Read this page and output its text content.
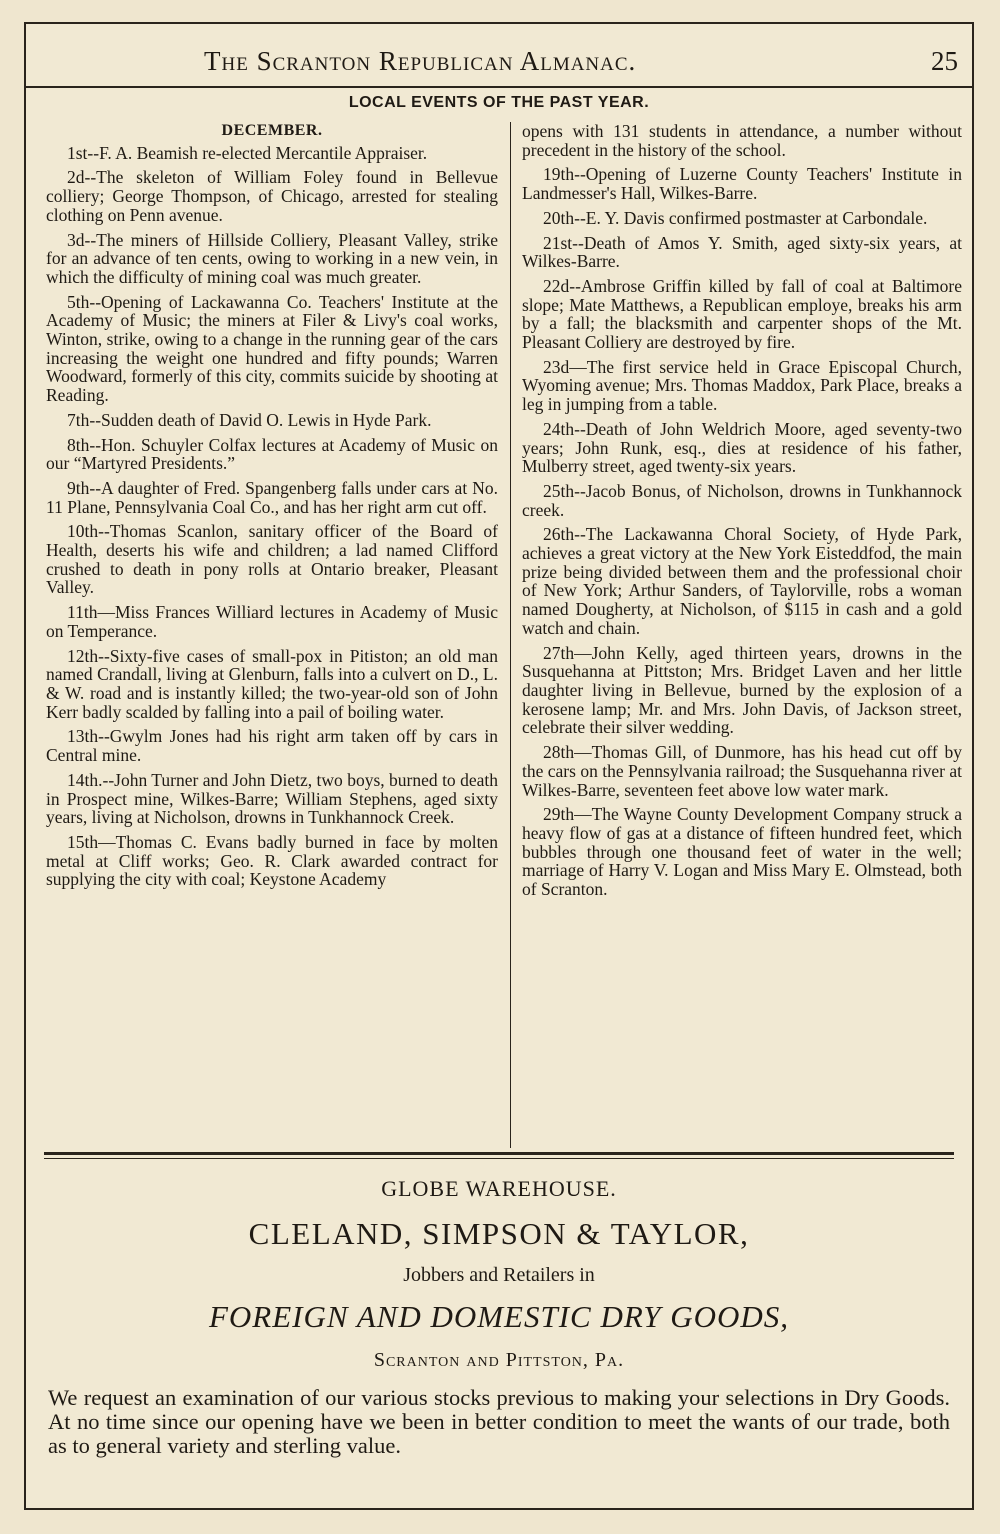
The Scranton Republican Almanac.	25
LOCAL EVENTS OF THE PAST YEAR.
DECEMBER.

1st--F. A. Beamish re-elected Mercantile Appraiser.

2d--The skeleton of William Foley found in Bellevue colliery; George Thompson, of Chicago, arrested for stealing clothing on Penn avenue.

3d--The miners of Hillside Colliery, Pleasant Valley, strike for an advance of ten cents, owing to working in a new vein, in which the difficulty of mining coal was much greater.

5th--Opening of Lackawanna Co. Teachers' Institute at the Academy of Music; the miners at Filer & Livy's coal works, Winton, strike, owing to a change in the running gear of the cars increasing the weight one hundred and fifty pounds; Warren Woodward, formerly of this city, commits suicide by shooting at Reading.

7th--Sudden death of David O. Lewis in Hyde Park.

8th--Hon. Schuyler Colfax lectures at Academy of Music on our “Martyred Presidents.”

9th--A daughter of Fred. Spangenberg falls under cars at No. 11 Plane, Pennsylvania Coal Co., and has her right arm cut off.

10th--Thomas Scanlon, sanitary officer of the Board of Health, deserts his wife and children; a lad named Clifford crushed to death in pony rolls at Ontario breaker, Pleasant Valley.

11th—Miss Frances Williard lectures in Academy of Music on Temperance.

12th--Sixty-five cases of small-pox in Pitiston; an old man named Crandall, living at Glenburn, falls into a culvert on D., L. & W. road and is instantly killed; the two-year-old son of John Kerr badly scalded by falling into a pail of boiling water.

13th--Gwylm Jones had his right arm taken off by cars in Central mine.

14th.--John Turner and John Dietz, two boys, burned to death in Prospect mine, Wilkes-Barre; William Stephens, aged sixty years, living at Nicholson, drowns in Tunkhannock Creek.

15th—Thomas C. Evans badly burned in face by molten metal at Cliff works; Geo. R. Clark awarded contract for supplying the city with coal; Keystone Academy

opens with 131 students in attendance, a number without precedent in the history of the school.

19th--Opening of Luzerne County Teachers' Institute in Landmesser's Hall, Wilkes-Barre.

20th--E. Y. Davis confirmed postmaster at Carbondale.

21st--Death of Amos Y. Smith, aged sixty-six years, at Wilkes-Barre.

22d--Ambrose Griffin killed by fall of coal at Baltimore slope; Mate Matthews, a Republican employe, breaks his arm by a fall; the blacksmith and carpenter shops of the Mt. Pleasant Colliery are destroyed by fire.

23d—The first service held in Grace Episcopal Church, Wyoming avenue; Mrs. Thomas Maddox, Park Place, breaks a leg in jumping from a table.

24th--Death of John Weldrich Moore, aged seventy-two years; John Runk, esq., dies at residence of his father, Mulberry street, aged twenty-six years.

25th--Jacob Bonus, of Nicholson, drowns in Tunkhannock creek.

26th--The Lackawanna Choral Society, of Hyde Park, achieves a great victory at the New York Eisteddfod, the main prize being divided between them and the professional choir of New York; Arthur Sanders, of Taylorville, robs a woman named Dougherty, at Nicholson, of $115 in cash and a gold watch and chain.

27th—John Kelly, aged thirteen years, drowns in the Susquehanna at Pittston; Mrs. Bridget Laven and her little daughter living in Bellevue, burned by the explosion of a kerosene lamp; Mr. and Mrs. John Davis, of Jackson street, celebrate their silver wedding.

28th—Thomas Gill, of Dunmore, has his head cut off by the cars on the Pennsylvania railroad; the Susquehanna river at Wilkes-Barre, seventeen feet above low water mark.

29th—The Wayne County Development Company struck a heavy flow of gas at a distance of fifteen hundred feet, which bubbles through one thousand feet of water in the well; marriage of Harry V. Logan and Miss Mary E. Olmstead, both of Scranton.

GLOBE WAREHOUSE.
CLELAND, SIMPSON & TAYLOR,
Jobbers and Retailers in
FOREIGN AND DOMESTIC DRY GOODS,
Scranton and Pittston, Pa.
We request an examination of our various stocks previous to making your selections in Dry Goods. At no time since our opening have we been in better condition to meet the wants of our trade, both as to general variety and sterling value.
